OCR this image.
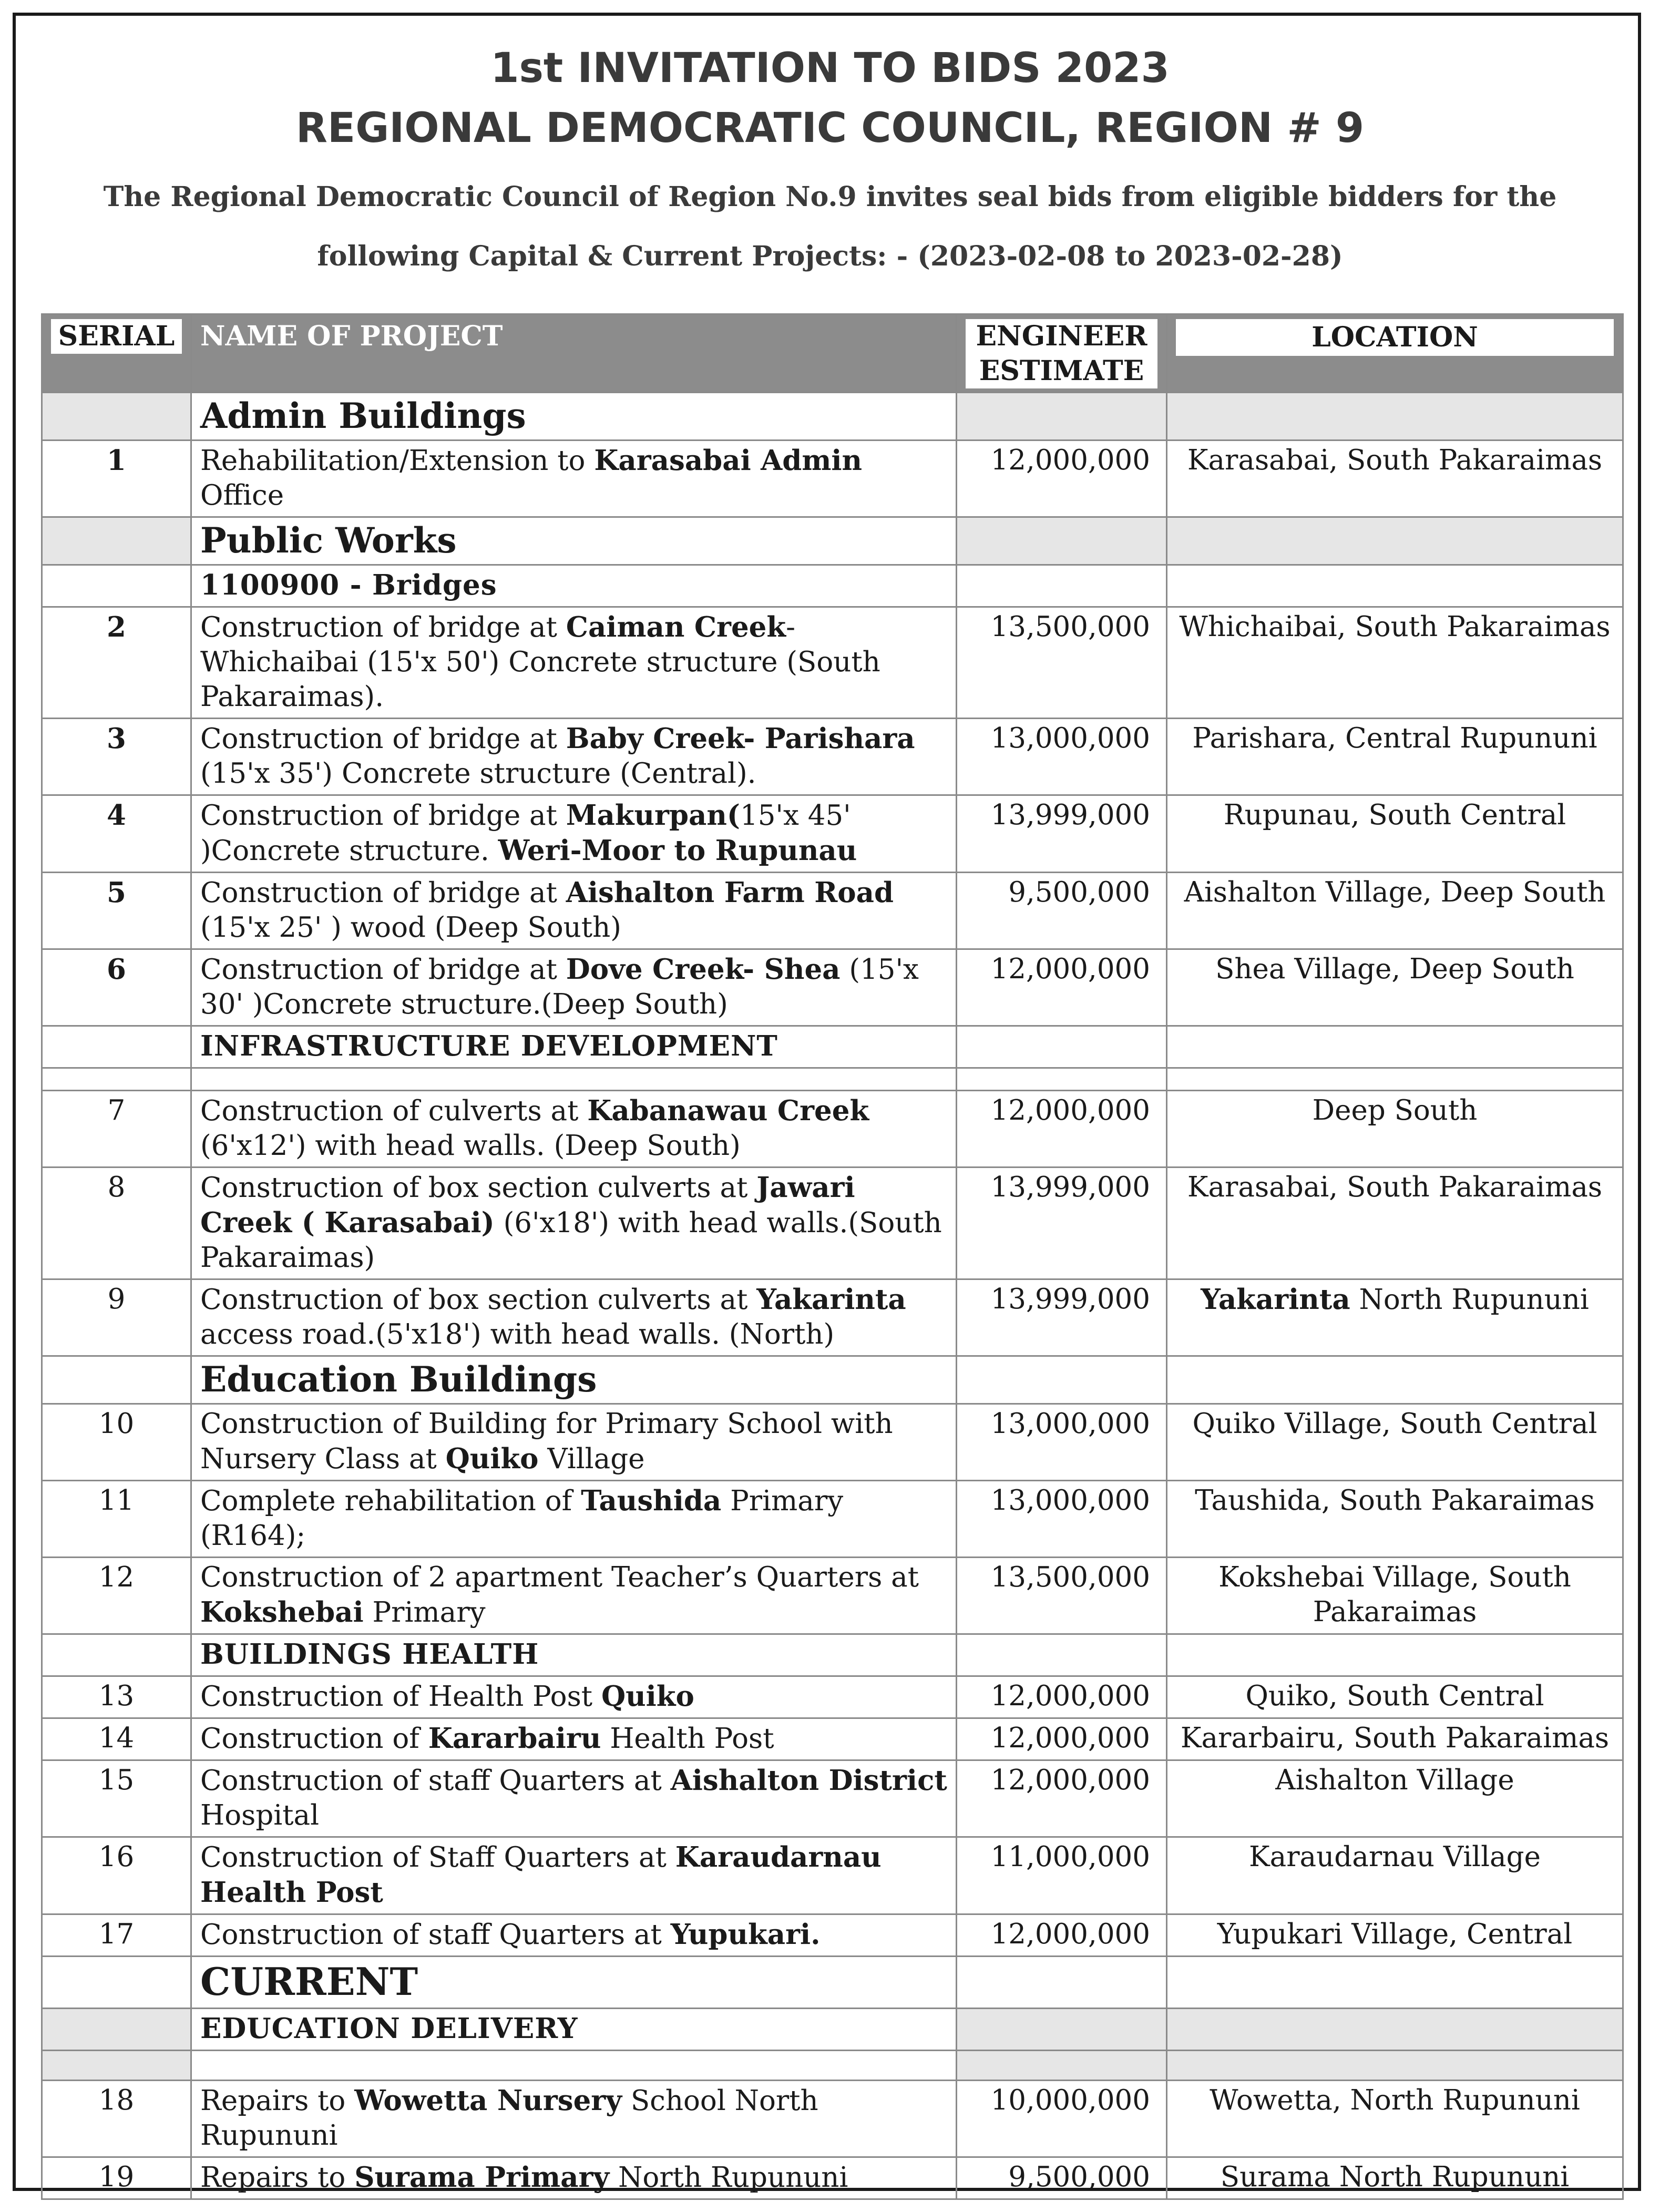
1st INVITATION TO BIDS 2023
REGIONAL DEMOCRATIC COUNCIL, REGION # 9
The Regional Democratic Council of Region No.9 invites seal bids from eligible bidders for the following Capital & Current Projects: - (2023-02-08 to 2023-02-28)
SERIAL	NAME OF PROJECT	ENGINEER ESTIMATE	LOCATION

	Admin Buildings		
1	Rehabilitation/Extension to Karasabai Admin Office	12,000,000	Karasabai, South Pakaraimas
	Public Works		
	1100900 - Bridges		
2	Construction of bridge at Caiman Creek- Whichaibai (15'x 50') Concrete structure (South Pakaraimas).	13,500,000	Whichaibai, South Pakaraimas
3	Construction of bridge at Baby Creek- Parishara (15'x 35') Concrete structure (Central).	13,000,000	Parishara, Central Rupununi
4	Construction of bridge at Makurpan(15'x 45' )Concrete structure. Weri-Moor to Rupunau	13,999,000	Rupunau, South Central
5	Construction of bridge at Aishalton Farm Road (15'x 25' ) wood (Deep South)	9,500,000	Aishalton Village, Deep South
6	Construction of bridge at Dove Creek- Shea (15'x 30' )Concrete structure.(Deep South)	12,000,000	Shea Village, Deep South
	INFRASTRUCTURE DEVELOPMENT		

7	Construction of culverts at Kabanawau Creek (6'x12') with head walls. (Deep South)	12,000,000	Deep South
8	Construction of box section culverts at Jawari Creek ( Karasabai) (6'x18') with head walls.(South Pakaraimas)	13,999,000	Karasabai, South Pakaraimas
9	Construction of box section culverts at Yakarinta access road.(5'x18') with head walls. (North)	13,999,000	Yakarinta North Rupununi
	Education Buildings		
10	Construction of Building for Primary School with Nursery Class at Quiko Village	13,000,000	Quiko Village, South Central
11	Complete rehabilitation of Taushida Primary (R164);	13,000,000	Taushida, South Pakaraimas
12	Construction of 2 apartment Teacher’s Quarters at Kokshebai Primary	13,500,000	Kokshebai Village, South Pakaraimas
	BUILDINGS HEALTH		
13	Construction of Health Post Quiko	12,000,000	Quiko, South Central
14	Construction of Kararbairu Health Post	12,000,000	Kararbairu, South Pakaraimas
15	Construction of staff Quarters at Aishalton District Hospital	12,000,000	Aishalton Village
16	Construction of Staff Quarters at Karaudarnau Health Post	11,000,000	Karaudarnau Village
17	Construction of staff Quarters at Yupukari.	12,000,000	Yupukari Village, Central
	CURRENT		
	EDUCATION DELIVERY		

18	Repairs to Wowetta Nursery School North Rupununi	10,000,000	Wowetta, North Rupununi
19	Repairs to Surama Primary North Rupununi	9,500,000	Surama North Rupununi
